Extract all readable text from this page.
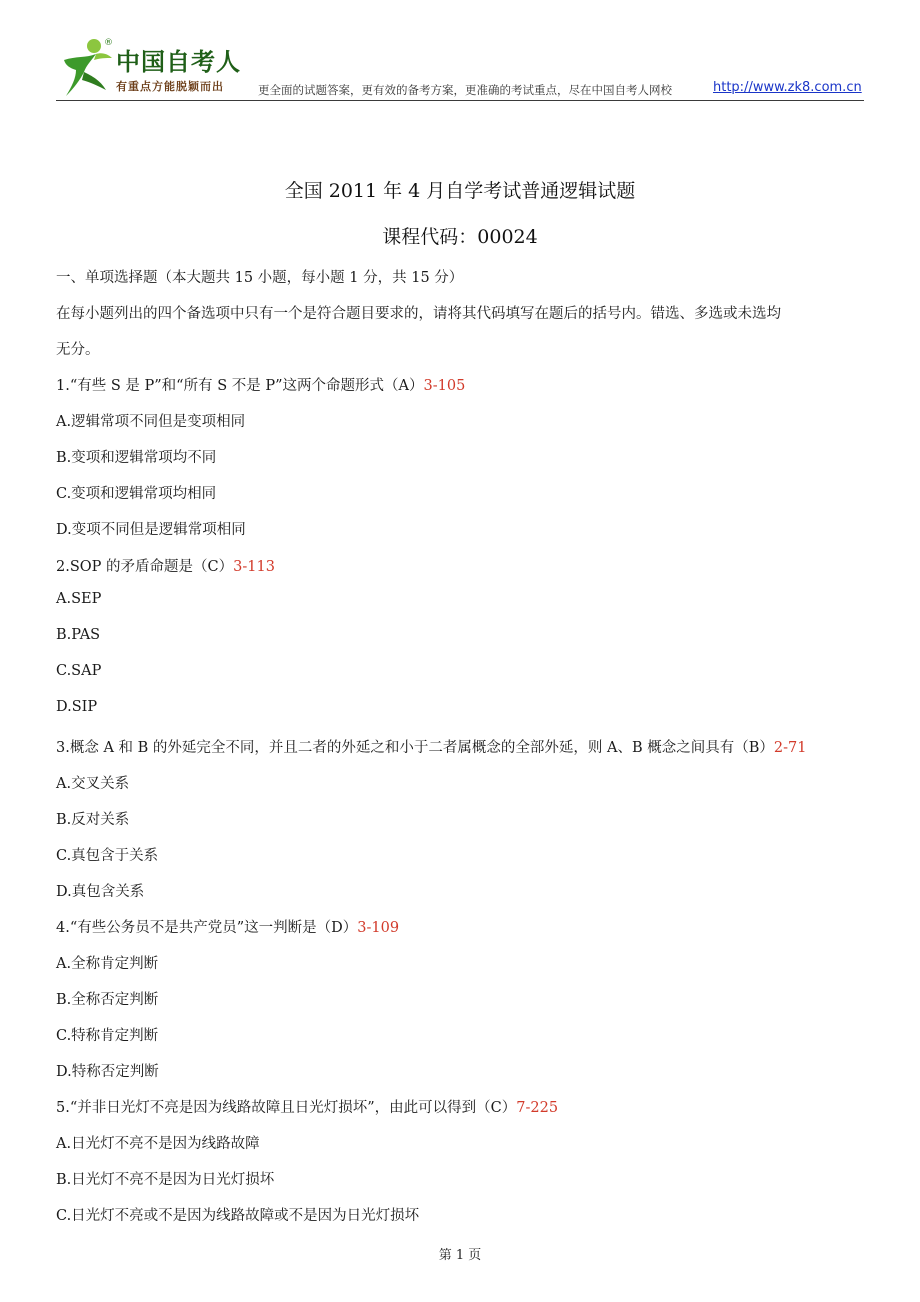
®
中国自考人
有重点方能脱颖而出	更全面的试题答案，更有效的备考方案，更准确的考试重点，尽在中国自考人网校	http://www.zk8.com.cn
全国 2011 年 4 月自学考试普通逻辑试题
课程代码：00024
一、单项选择题（本大题共 15 小题，每小题 1 分，共 15 分）
在每小题列出的四个备选项中只有一个是符合题目要求的，请将其代码填写在题后的括号内。错选、多选或未选均
无分。
1.“有些 S 是 P”和“所有 S 不是 P”这两个命题形式（A）3-105
A.逻辑常项不同但是变项相同
B.变项和逻辑常项均不同
C.变项和逻辑常项均相同
D.变项不同但是逻辑常项相同
2.SOP 的矛盾命题是（C）3-113
A.SEP
B.PAS
C.SAP
D.SIP
3.概念 A 和 B 的外延完全不同，并且二者的外延之和小于二者属概念的全部外延，则 A、B 概念之间具有（B）2-71
A.交叉关系
B.反对关系
C.真包含于关系
D.真包含关系
4.“有些公务员不是共产党员”这一判断是（D）3-109
A.全称肯定判断
B.全称否定判断
C.特称肯定判断
D.特称否定判断
5.“并非日光灯不亮是因为线路故障且日光灯损坏”，由此可以得到（C）7-225
A.日光灯不亮不是因为线路故障
B.日光灯不亮不是因为日光灯损坏
C.日光灯不亮或不是因为线路故障或不是因为日光灯损坏
第 1 页
